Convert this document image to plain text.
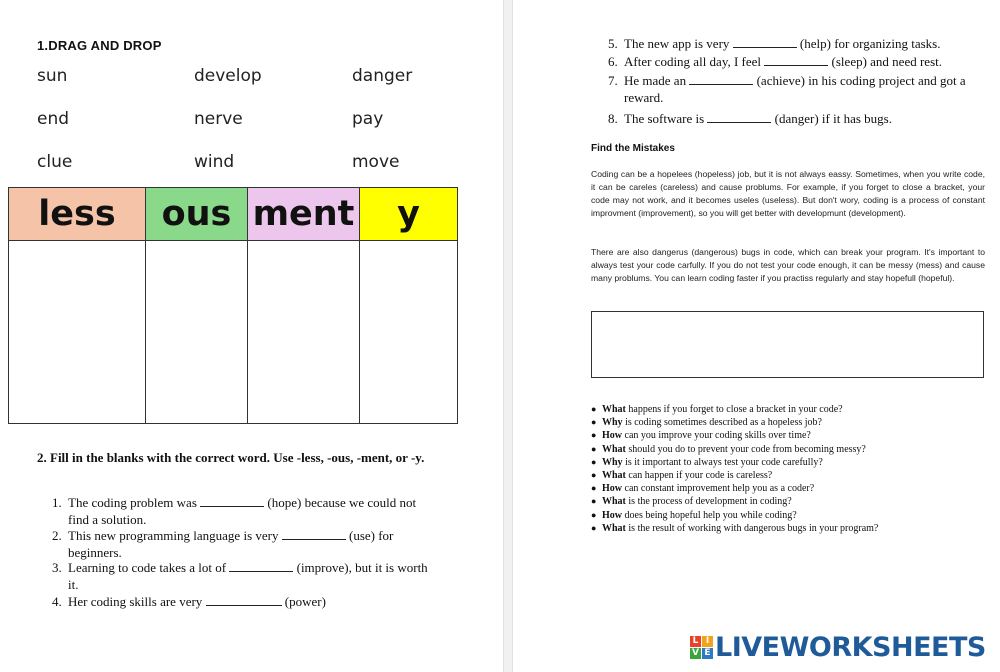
1.DRAG AND DROP
sun	develop	danger
end	nerve	pay
clue	wind	move
less	ous	ment	y

2. Fill in the blanks with the correct word. Use -less, -ous, -ment, or -y.
1. The coding problem was	(hope) because we could not find a solution.
2. This new programming language is very	(use) for beginners.
3. Learning to code takes a lot of	(improve), but it is worth it.
4. Her coding skills are very	(power)
5. The new app is very	(help) for organizing tasks.
6. After coding all day, I feel	(sleep) and need rest.
7. He made an	(achieve) in his coding project and got a reward.
8. The software is	(danger) if it has bugs.
Find the Mistakes
Coding can be a hopelees (hopeless) job, but it is not always eassy. Sometimes, when you write code, it can be careles (careless) and cause problums. For example, if you forget to close a bracket, your code may not work, and it becomes useles (useless). But don't wory, coding is a process of constant improvment (improvement), so you will get better with developmunt (development).
There are also dangerus (dangerous) bugs in code, which can break your program. It's important to always test your code carfully. If you do not test your code enough, it can be messy (mess) and cause many problums. You can learn coding faster if you practiss regularly and stay hopefull (hopeful).
● What happens if you forget to close a bracket in your code?
● Why is coding sometimes described as a hopeless job?
● How can you improve your coding skills over time?
● What should you do to prevent your code from becoming messy?
● Why is it important to always test your code carefully?
● What can happen if your code is careless?
● How can constant improvement help you as a coder?
● What is the process of development in coding?
● How does being hopeful help you while coding?
● What is the result of working with dangerous bugs in your program?
L I
V E LIVEWORKSHEETS
